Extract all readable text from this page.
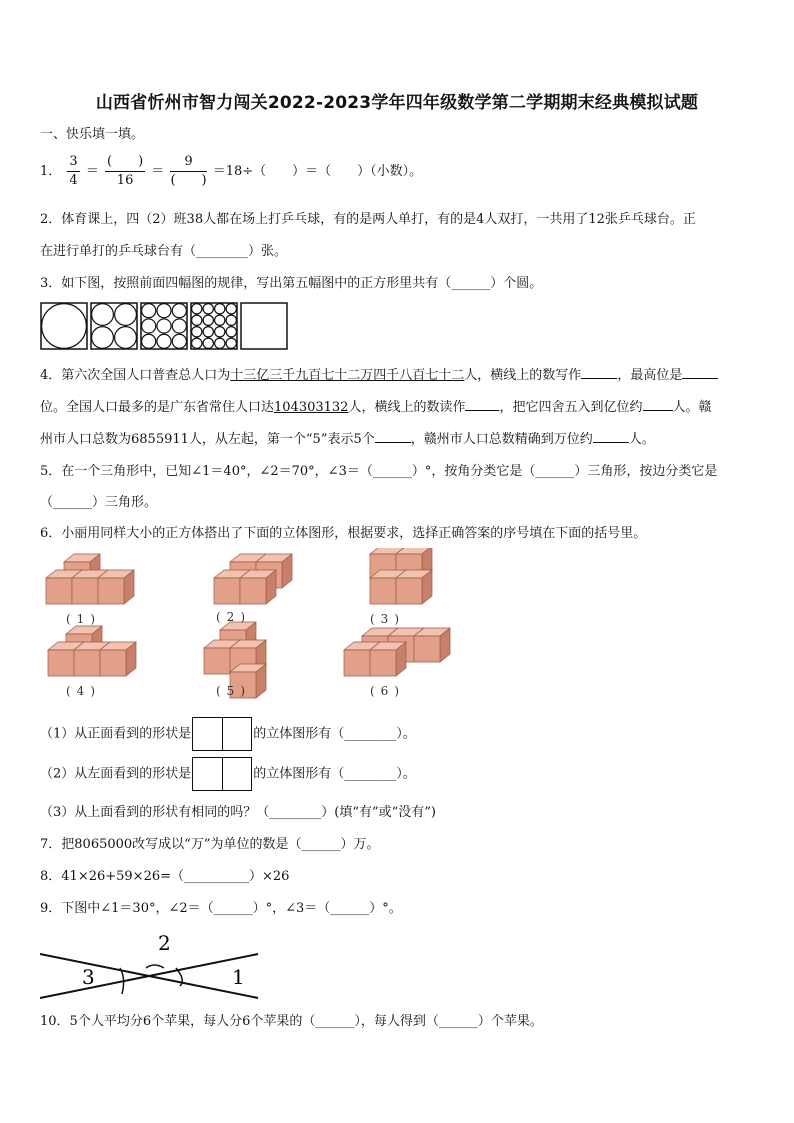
山西省忻州市智力闯关2022-2023学年四年级数学第二学期期末经典模拟试题
一、快乐填一填。
1． $\frac{3}{4} = \frac{( )}{16} = \frac{9}{( )} =18\div$（　　）＝（　　）（小数）。
2．体育课上，四（2）班38人都在场上打乒乓球，有的是两人单打，有的是4人双打，一共用了12张乒乓球台。正
在进行单打的乒乓球台有（________）张。
3．如下图，按照前面四幅图的规律，写出第五幅图中的正方形里共有（______）个圆。
4．第六次全国人口普查总人口为十三亿三千九百七十二万四千八百七十二人，横线上的数写作	，最高位是
位。全国人口最多的是广东省常住人口达104303132人，横线上的数读作	，把它四舍五入到亿位约 人。赣
州市人口总数为6855911人，从左起，第一个“5”表示5个	，赣州市人口总数精确到万位约	人。
5．在一个三角形中，已知∠1＝40°，∠2＝70°，∠3＝（______）°，按角分类它是（______）三角形，按边分类它是
（______）三角形。
6．小丽用同样大小的正方体搭出了下面的立体图形，根据要求，选择正确答案的序号填在下面的括号里。
(1)	(2)	(3)
(4)	(5)	(6)
（1）从正面看到的形状是	的立体图形有（________）。
（2）从左面看到的形状是	的立体图形有（________）。
（3）从上面看到的形状有相同的吗？（________）(填“有”或“没有”)
7．把8065000改写成以“万”为单位的数是（______）万。
8．41×26+59×26=（__________）×26
9．下图中∠1＝30°，∠2＝（______）°，∠3＝（______）°。
2
3	1
10．5个人平均分6个苹果，每人分6个苹果的（______），每人得到（______）个苹果。
